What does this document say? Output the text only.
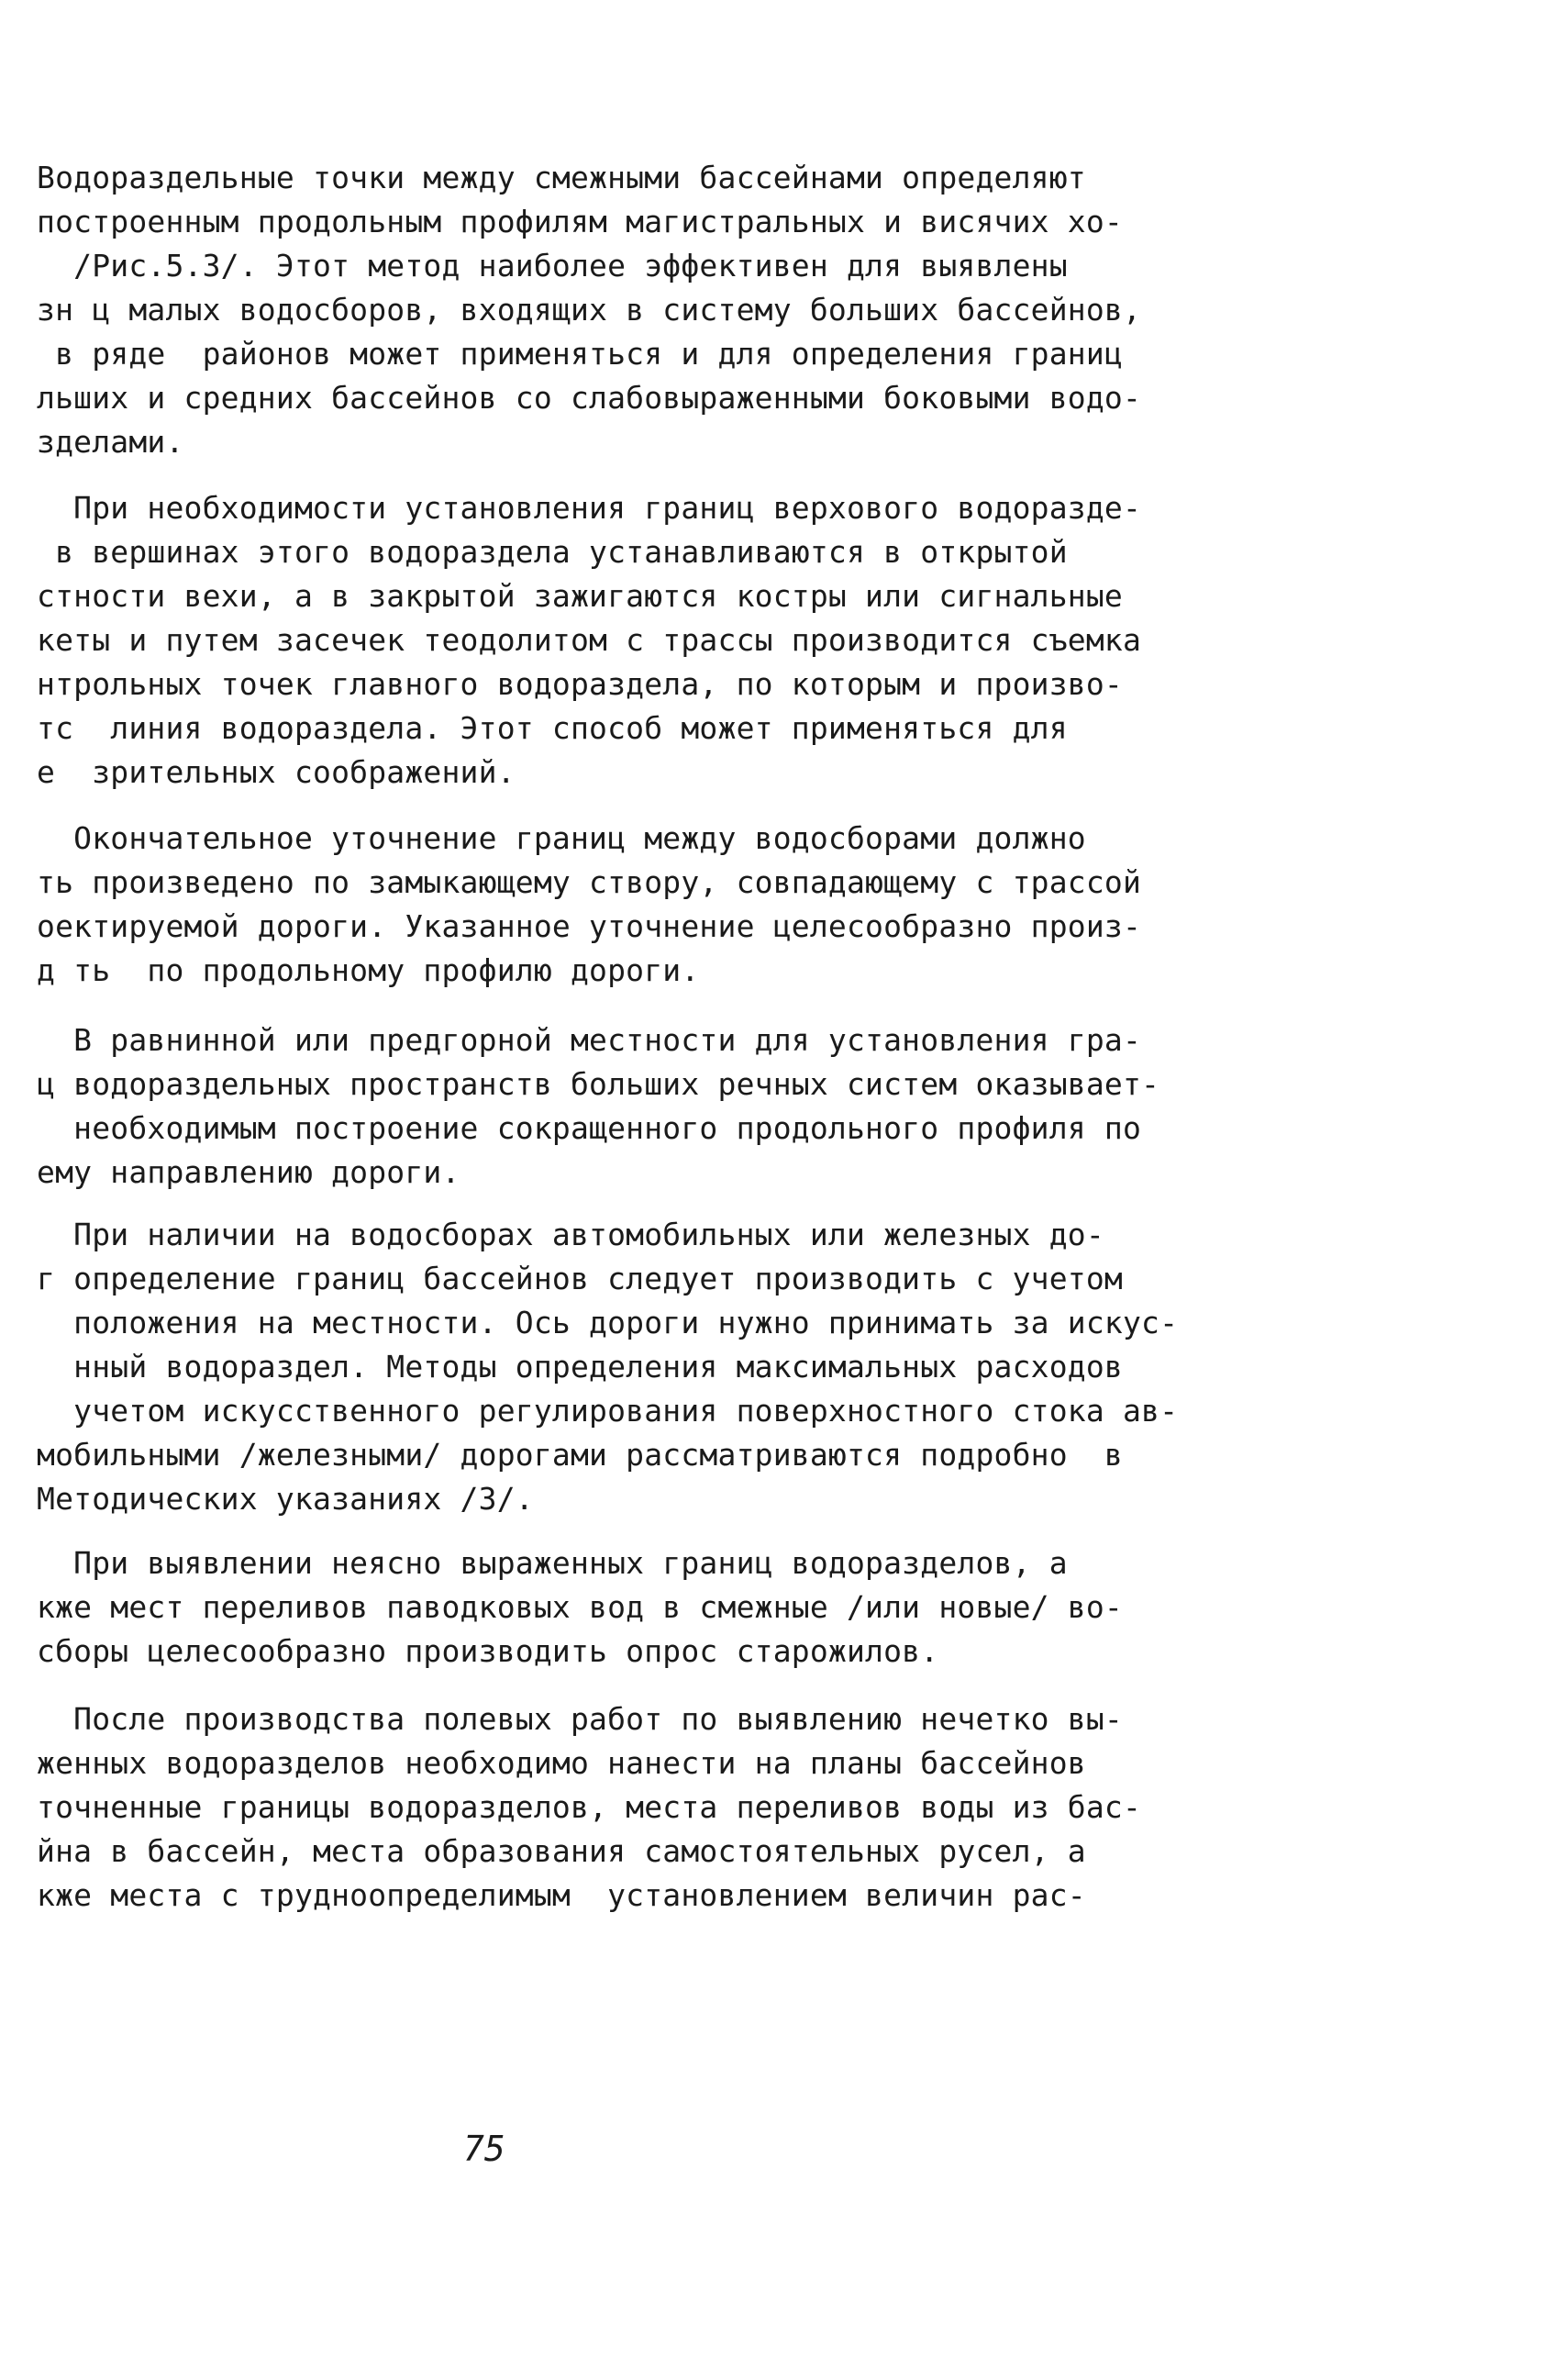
Водораздельные точки между смежными бассейнами определяют
построенным продольным профилям магистральных и висячих хо-
/Рис.5.3/. Этот метод наиболее эффективен для выявлены
зн ц малых водосборов, входящих в систему больших бассейнов,
в ряде  районов может применяться и для определения границ
льших и средних бассейнов со слабовыраженными боковыми водо-
зделами.
При необходимости установления границ верхового водоразде-
в вершинах этого водораздела устанавливаются в открытой
стности вехи, а в закрытой зажигаются костры или сигнальные
кеты и путем засечек теодолитом с трассы производится съемка
нтрольных точек главного водораздела, по которым и произво-
тс  линия водораздела. Этот способ может применяться для
е  зрительных соображений.
Окончательное уточнение границ между водосборами должно
ть произведено по замыкающему створу, совпадающему с трассой
оектируемой дороги. Указанное уточнение целесообразно произ-
д ть  по продольному профилю дороги.
В равнинной или предгорной местности для установления гра-
ц водораздельных пространств больших речных систем оказывает-
необходимым построение сокращенного продольного профиля по
ему направлению дороги.
При наличии на водосборах автомобильных или железных до-
г определение границ бассейнов следует производить с учетом
положения на местности. Ось дороги нужно принимать за искус-
нный водораздел. Методы определения максимальных расходов
учетом искусственного регулирования поверхностного стока ав-
мобильными /железными/ дорогами рассматриваются подробно  в
Методических указаниях /3/.
При выявлении неясно выраженных границ водоразделов, а
кже мест переливов паводковых вод в смежные /или новые/ во-
сборы целесообразно производить опрос старожилов.
После производства полевых работ по выявлению нечетко вы-
женных водоразделов необходимо нанести на планы бассейнов
точненные границы водоразделов, места переливов воды из бас-
йна в бассейн, места образования самостоятельных русел, а
кже места с труднoопределимым  установлением величин рас-
75
